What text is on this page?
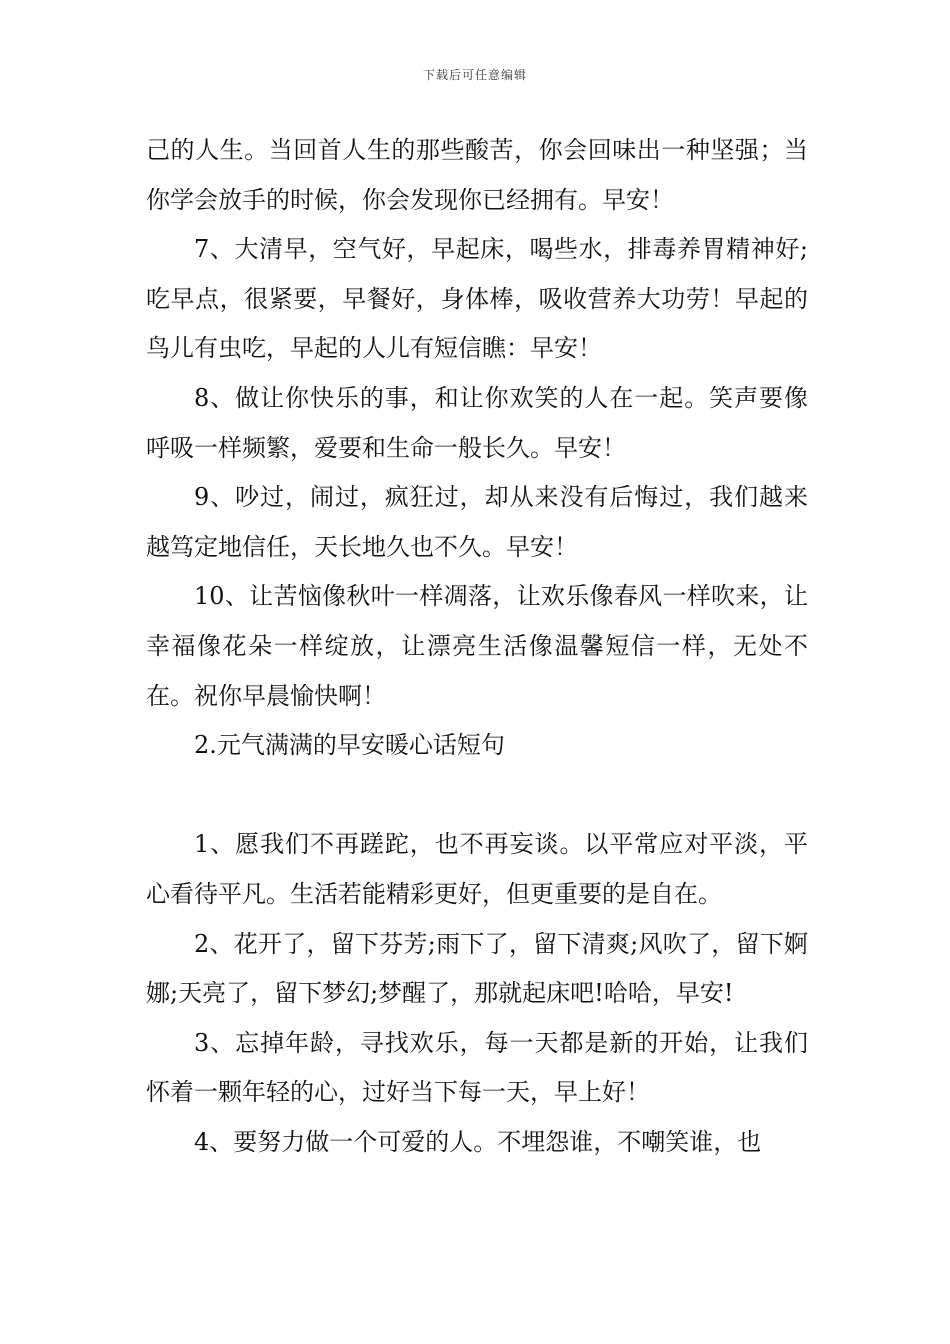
下载后可任意编辑

己的人生。当回首人生的那些酸苦，你会回味出一种坚强；当你学会放手的时候，你会发现你已经拥有。早安！

7、大清早，空气好，早起床，喝些水，排毒养胃精神好;吃早点，很紧要，早餐好，身体棒，吸收营养大功劳！早起的鸟儿有虫吃，早起的人儿有短信瞧：早安！

8、做让你快乐的事，和让你欢笑的人在一起。笑声要像呼吸一样频繁，爱要和生命一般长久。早安！

9、吵过，闹过，疯狂过，却从来没有后悔过，我们越来越笃定地信任，天长地久也不久。早安！

10、让苦恼像秋叶一样凋落，让欢乐像春风一样吹来，让幸福像花朵一样绽放，让漂亮生活像温馨短信一样，无处不在。祝你早晨愉快啊！

2.元气满满的早安暖心话短句

1、愿我们不再蹉跎，也不再妄谈。以平常应对平淡，平心看待平凡。生活若能精彩更好，但更重要的是自在。

2、花开了，留下芬芳;雨下了，留下清爽;风吹了，留下婀娜;天亮了，留下梦幻;梦醒了，那就起床吧!哈哈，早安!

3、忘掉年龄，寻找欢乐，每一天都是新的开始，让我们怀着一颗年轻的心，过好当下每一天，早上好！

4、要努力做一个可爱的人。不埋怨谁，不嘲笑谁，也
